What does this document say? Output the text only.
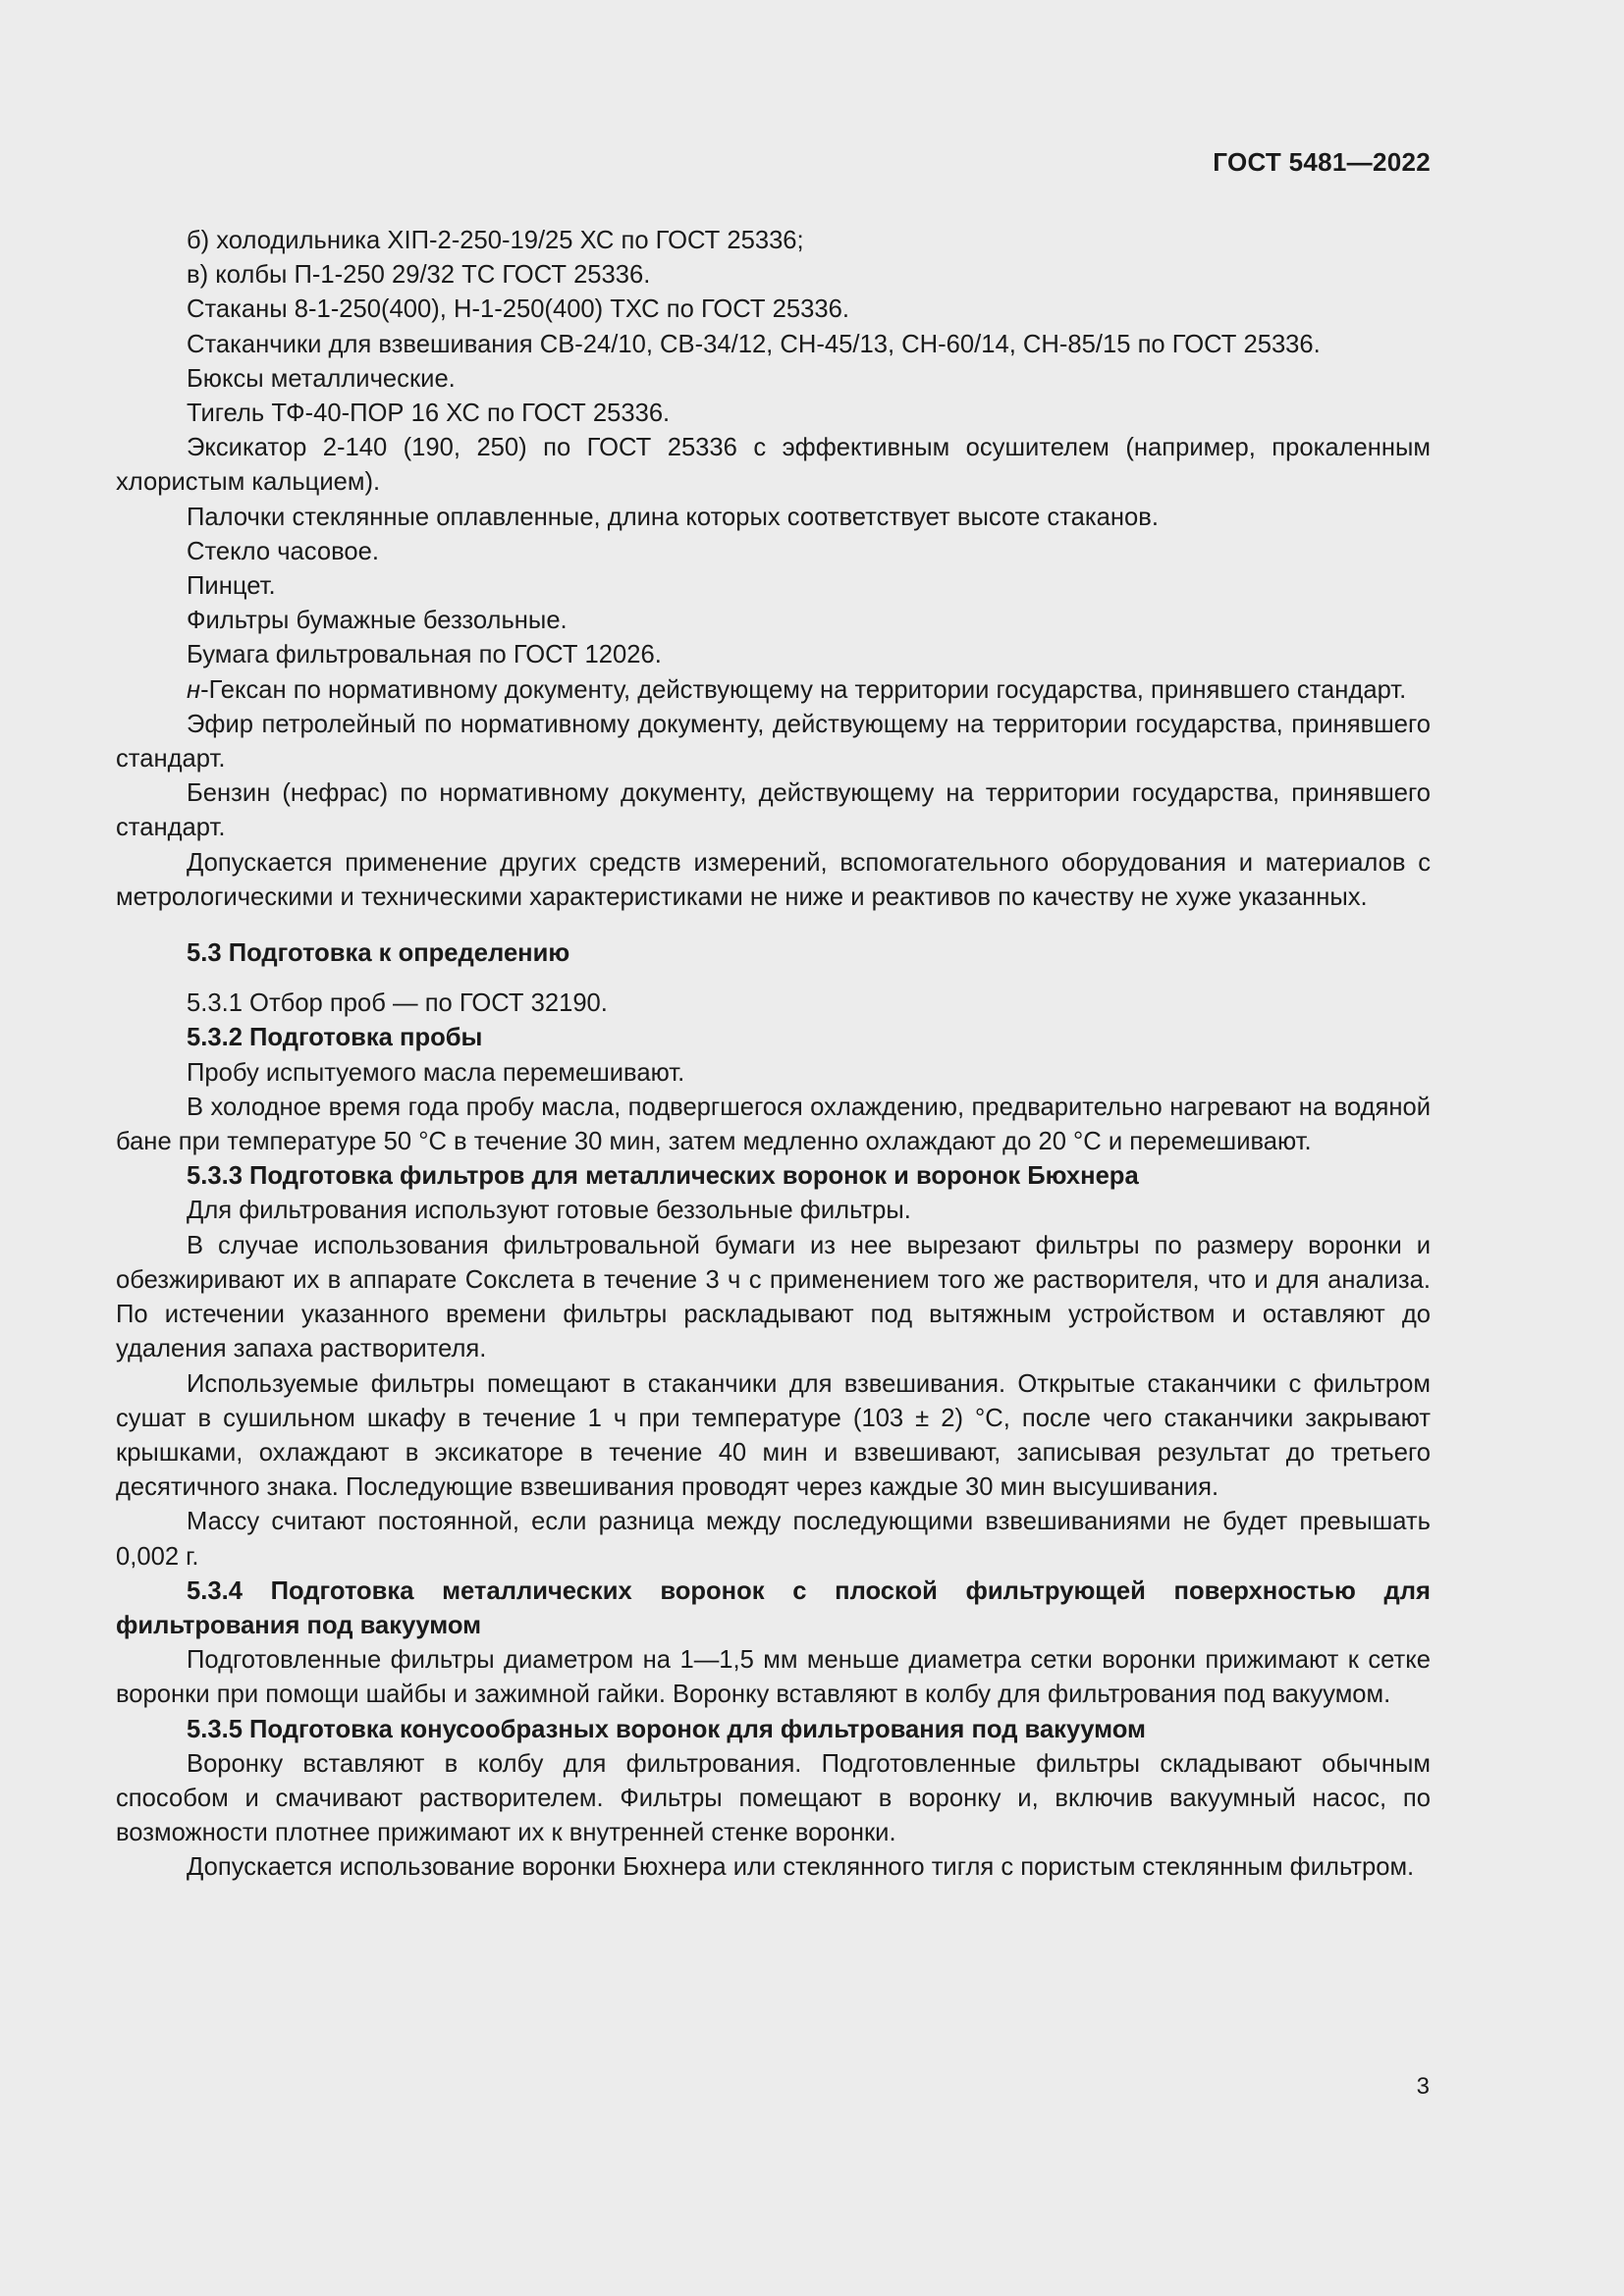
ГОСТ 5481—2022

б) холодильника ХIП-2-250-19/25 ХС по ГОСТ 25336;

в) колбы П-1-250 29/32 ТС ГОСТ 25336.

Стаканы 8-1-250(400), Н-1-250(400) ТХС по ГОСТ 25336.

Стаканчики для взвешивания СВ-24/10, СВ-34/12, СН-45/13, СН-60/14, СН-85/15 по ГОСТ 25336.

Бюксы металлические.

Тигель ТФ-40-ПОР 16 ХС по ГОСТ 25336.

Эксикатор 2-140 (190, 250) по ГОСТ 25336 с эффективным осушителем (например, прокаленным хлористым кальцием).

Палочки стеклянные оплавленные, длина которых соответствует высоте стаканов.

Стекло часовое.

Пинцет.

Фильтры бумажные беззольные.

Бумага фильтровальная по ГОСТ 12026.

н-Гексан по нормативному документу, действующему на территории государства, принявшего стандарт.

Эфир петролейный по нормативному документу, действующему на территории государства, принявшего стандарт.

Бензин (нефрас) по нормативному документу, действующему на территории государства, принявшего стандарт.

Допускается применение других средств измерений, вспомогательного оборудования и материалов с метрологическими и техническими характеристиками не ниже и реактивов по качеству не хуже указанных.

5.3 Подготовка к определению

5.3.1 Отбор проб — по ГОСТ 32190.

5.3.2 Подготовка пробы

Пробу испытуемого масла перемешивают.

В холодное время года пробу масла, подвергшегося охлаждению, предварительно нагревают на водяной бане при температуре 50 °С в течение 30 мин, затем медленно охлаждают до 20 °С и перемешивают.

5.3.3 Подготовка фильтров для металлических воронок и воронок Бюхнера

Для фильтрования используют готовые беззольные фильтры.

В случае использования фильтровальной бумаги из нее вырезают фильтры по размеру воронки и обезжиривают их в аппарате Сокслета в течение 3 ч с применением того же растворителя, что и для анализа. По истечении указанного времени фильтры раскладывают под вытяжным устройством и оставляют до удаления запаха растворителя.

Используемые фильтры помещают в стаканчики для взвешивания. Открытые стаканчики с фильтром сушат в сушильном шкафу в течение 1 ч при температуре (103 ± 2) °С, после чего стаканчики закрывают крышками, охлаждают в эксикаторе в течение 40 мин и взвешивают, записывая результат до третьего десятичного знака. Последующие взвешивания проводят через каждые 30 мин высушивания.

Массу считают постоянной, если разница между последующими взвешиваниями не будет превышать 0,002 г.

5.3.4 Подготовка металлических воронок с плоской фильтрующей поверхностью для фильтрования под вакуумом

Подготовленные фильтры диаметром на 1—1,5 мм меньше диаметра сетки воронки прижимают к сетке воронки при помощи шайбы и зажимной гайки. Воронку вставляют в колбу для фильтрования под вакуумом.

5.3.5 Подготовка конусообразных воронок для фильтрования под вакуумом

Воронку вставляют в колбу для фильтрования. Подготовленные фильтры складывают обычным способом и смачивают растворителем. Фильтры помещают в воронку и, включив вакуумный насос, по возможности плотнее прижимают их к внутренней стенке воронки.

Допускается использование воронки Бюхнера или стеклянного тигля с пористым стеклянным фильтром.

3
